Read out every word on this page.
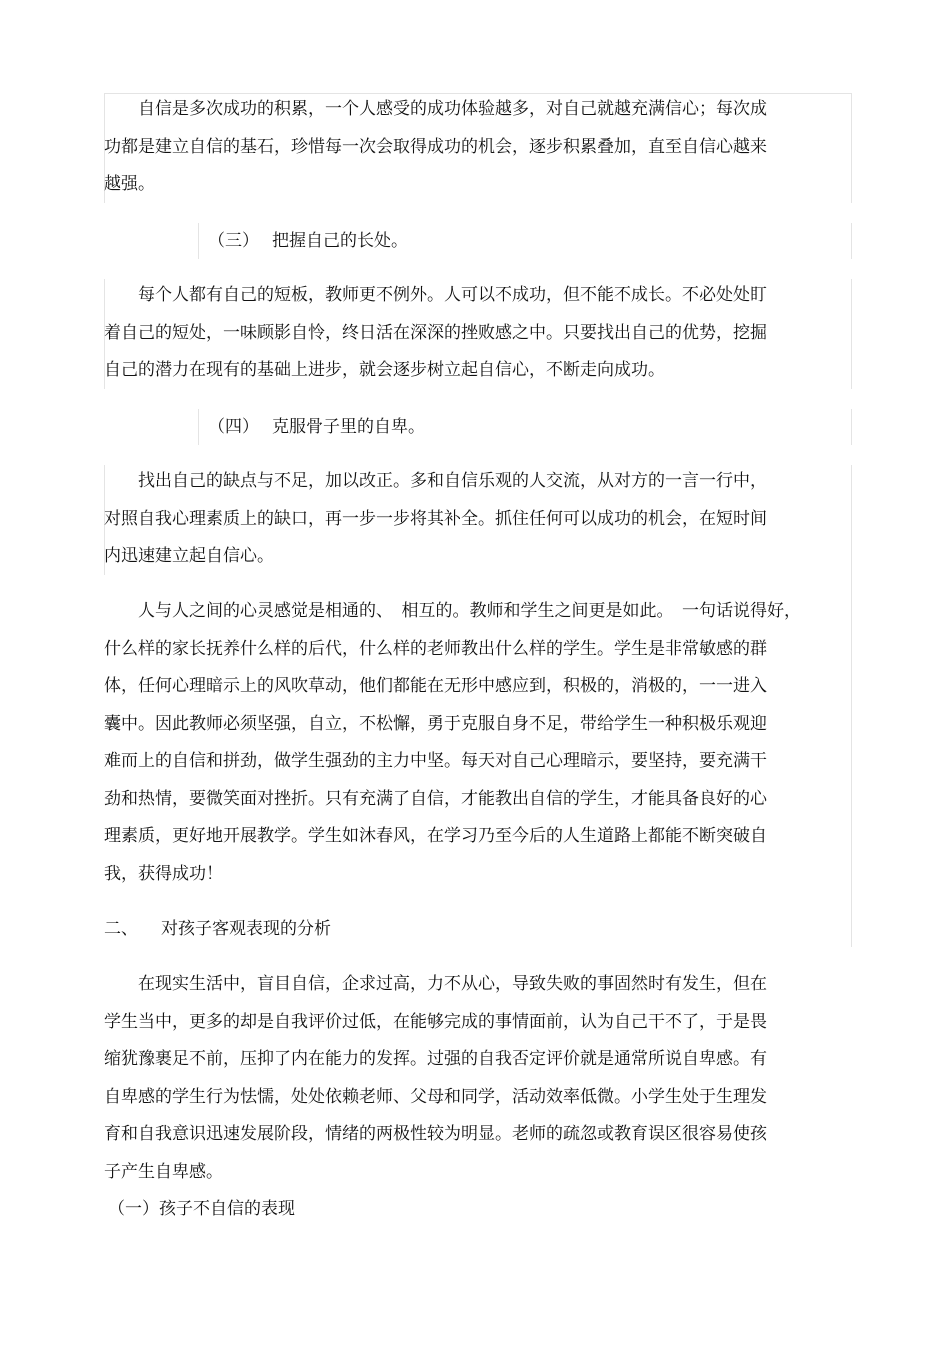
自信是多次成功的积累，一个人感受的成功体验越多，对自己就越充满信心；每次成

功都是建立自信的基石，珍惜每一次会取得成功的机会，逐步积累叠加，直至自信心越来
越强。
（三） 把握自己的长处。

每个人都有自己的短板，教师更不例外。人可以不成功，但不能不成长。不必处处盯

着自己的短处，一味顾影自怜，终日活在深深的挫败感之中。只要找出自己的优势，挖掘
自己的潜力在现有的基础上进步，就会逐步树立起自信心，不断走向成功。
（四） 克服骨子里的自卑。

找出自己的缺点与不足，加以改正。多和自信乐观的人交流，从对方的一言一行中，

对照自我心理素质上的缺口，再一步一步将其补全。抓住任何可以成功的机会，在短时间
内迅速建立起自信心。

人与人之间的心灵感觉是相通的、　相互的。教师和学生之间更是如此。　一句话说得好，

什么样的家长抚养什么样的后代，什么样的老师教出什么样的学生。学生是非常敏感的群
体，任何心理暗示上的风吹草动，他们都能在无形中感应到，积极的，消极的，一一进入
囊中。因此教师必须坚强，自立，不松懈，勇于克服自身不足，带给学生一种积极乐观迎
难而上的自信和拼劲，做学生强劲的主力中坚。每天对自己心理暗示，要坚持，要充满干
劲和热情，要微笑面对挫折。只有充满了自信，才能教出自信的学生，才能具备良好的心
理素质，更好地开展教学。学生如沐春风，在学习乃至今后的人生道路上都能不断突破自
我，获得成功！
二、 对孩子客观表现的分析

在现实生活中，盲目自信，企求过高，力不从心，导致失败的事固然时有发生，但在

学生当中，更多的却是自我评价过低，在能够完成的事情面前，认为自己干不了，于是畏
缩犹豫裹足不前，压抑了内在能力的发挥。过强的自我否定评价就是通常所说自卑感。有
自卑感的学生行为怯懦，处处依赖老师、父母和同学，活动效率低微。小学生处于生理发
育和自我意识迅速发展阶段，情绪的两极性较为明显。老师的疏忽或教育误区很容易使孩
子产生自卑感。
（一）孩子不自信的表现
